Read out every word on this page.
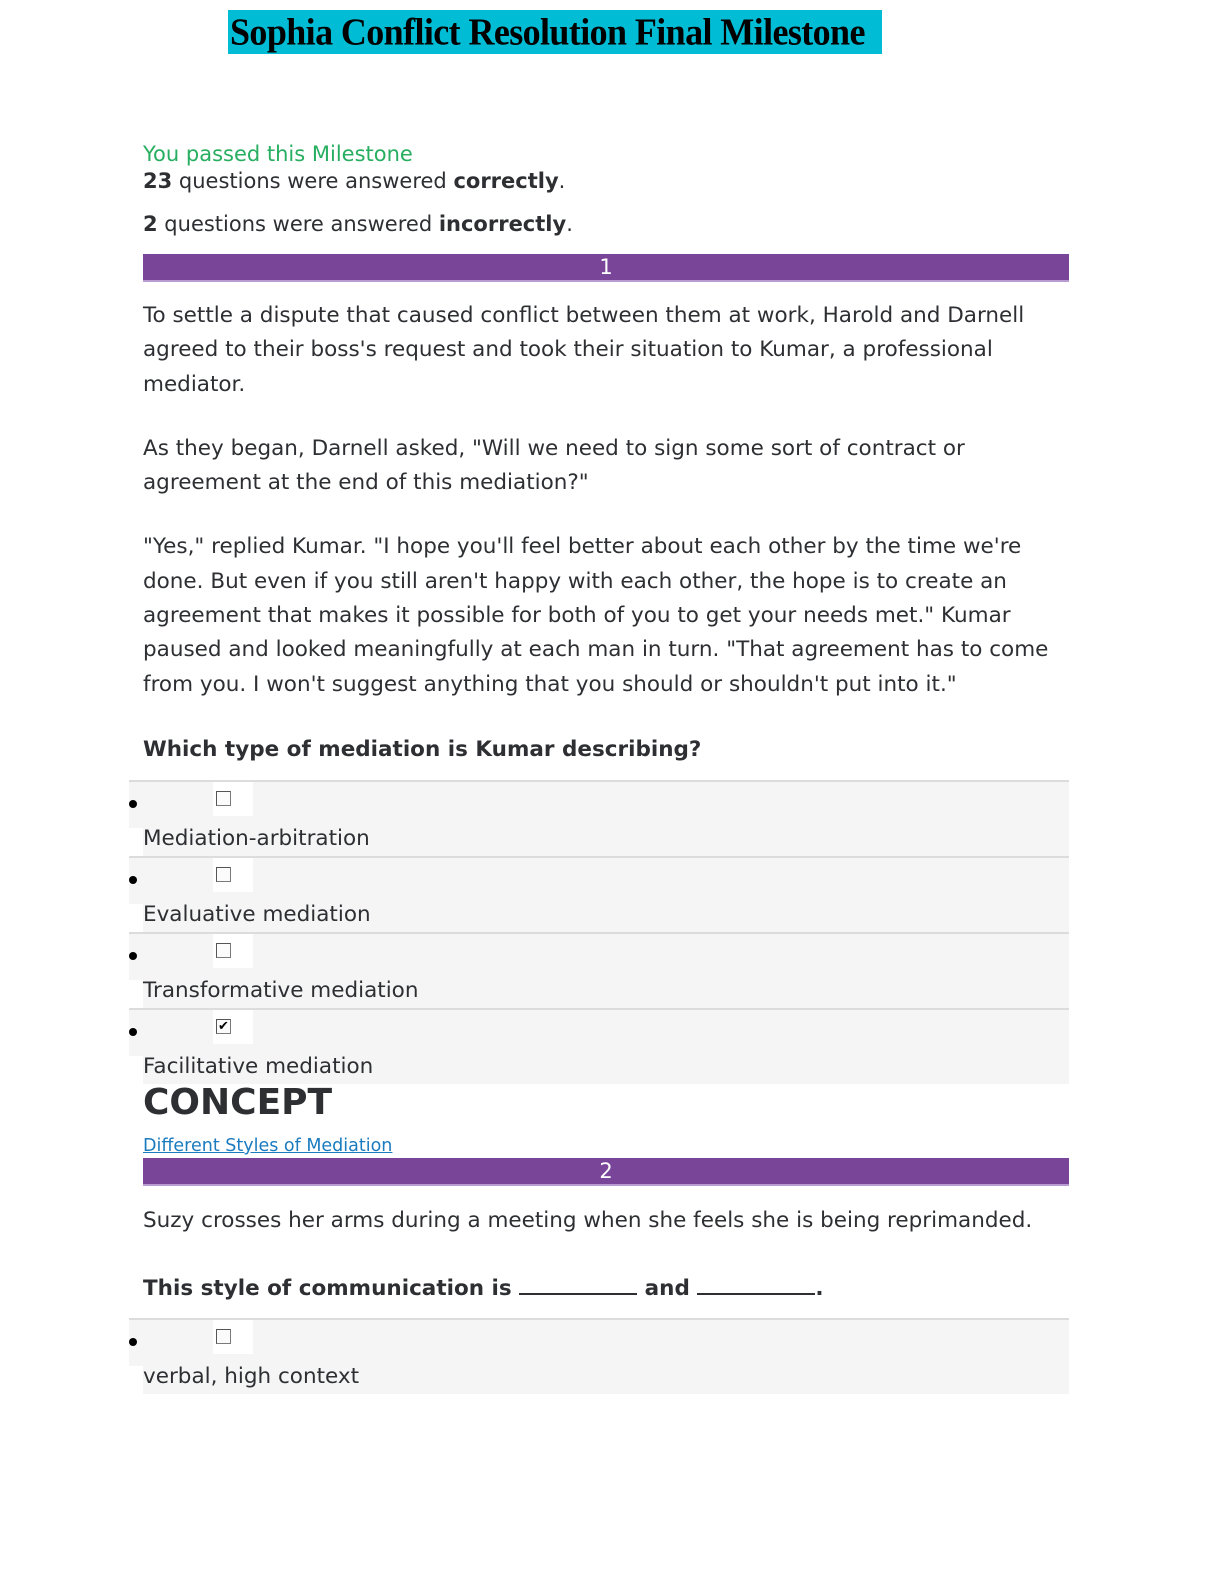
Sophia Conflict Resolution Final Milestone
You passed this Milestone
23 questions were answered correctly.
2 questions were answered incorrectly.
1

To settle a dispute that caused conflict between them at work, Harold and Darnell agreed to their boss's request and took their situation to Kumar, a professional mediator.

As they began, Darnell asked, "Will we need to sign some sort of contract or agreement at the end of this mediation?"

"Yes," replied Kumar. "I hope you'll feel better about each other by the time we're done. But even if you still aren't happy with each other, the hope is to create an agreement that makes it possible for both of you to get your needs met." Kumar paused and looked meaningfully at each man in turn. "That agreement has to come from you. I won't suggest anything that you should or shouldn't put into it."

Which type of mediation is Kumar describing?
Mediation-arbitration
Evaluative mediation
Transformative mediation
✔
Facilitative mediation
CONCEPT
Different Styles of Mediation
2

Suzy crosses her arms during a meeting when she feels she is being reprimanded.

This style of communication is	and	.
verbal, high context
